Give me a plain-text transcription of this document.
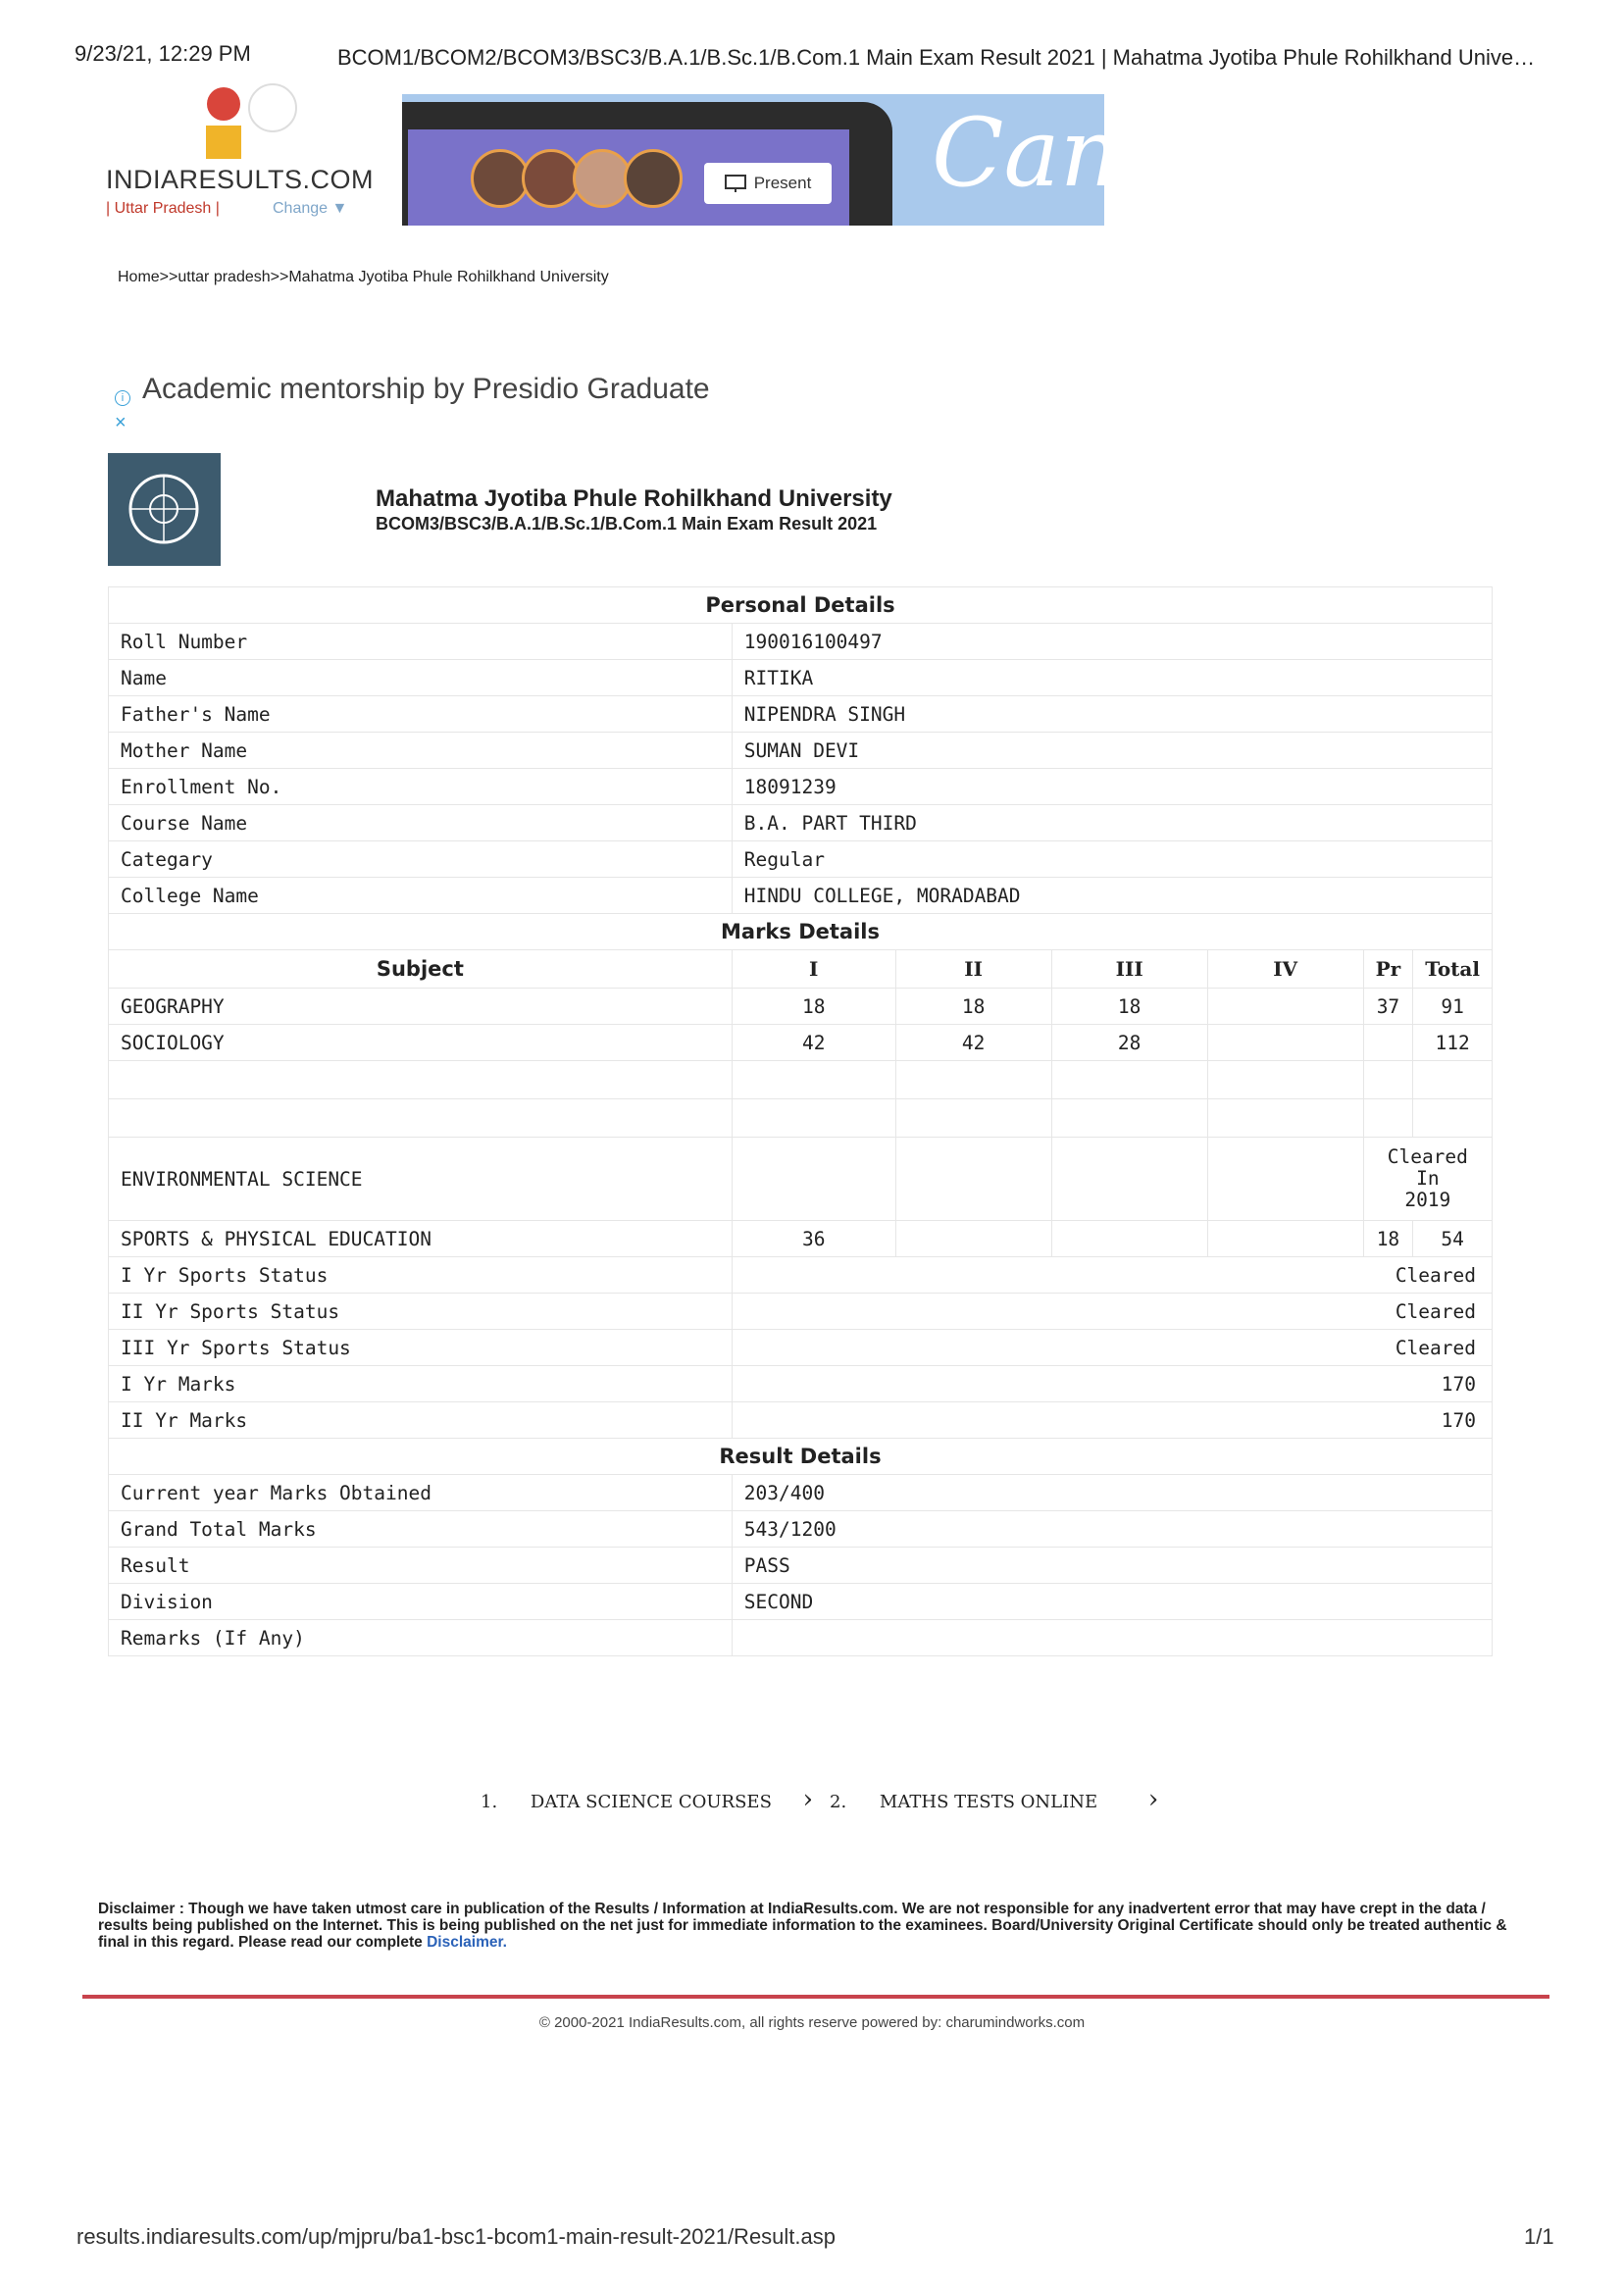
9/23/21, 12:29 PM	BCOM1/BCOM2/BCOM3/BSC3/B.A.1/B.Sc.1/B.Com.1 Main Exam Result 2021 | Mahatma Jyotiba Phule Rohilkhand Unive…
INDIARESULTS.COM
| Uttar Pradesh |	Change ▼
Present Canv
Home>>uttar pradesh>>Mahatma Jyotiba Phule Rohilkhand University
Academic mentorship by Presidio Graduate
i
×
Mahatma Jyotiba Phule Rohilkhand University
BCOM3/BSC3/B.A.1/B.Sc.1/B.Com.1 Main Exam Result 2021
Personal Details						
Roll Number	190016100497					
Name	RITIKA					
Father's Name	NIPENDRA SINGH					
Mother Name	SUMAN DEVI					
Enrollment No.	18091239					
Course Name	B.A. PART THIRD					
Categary	Regular					
College Name	HINDU COLLEGE, MORADABAD					
Marks Details						
Subject	I	II	III	IV	Pr	Total
GEOGRAPHY	18	18	18		37	91
SOCIOLOGY	42	42	28			112

ENVIRONMENTAL SCIENCE					Cleared
In
2019	

SPORTS & PHYSICAL EDUCATION	36				18	54
I Yr Sports Status	Cleared					
II Yr Sports Status	Cleared					
III Yr Sports Status	Cleared					
I Yr Marks	170					
II Yr Marks	170					
Result Details						
Current year Marks Obtained	203/400					
Grand Total Marks	543/1200					
Result	PASS					
Division	SECOND					
Remarks (If Any)						
1. DATA SCIENCE COURSES › 2. MATHS TESTS ONLINE ›
Disclaimer : Though we have taken utmost care in publication of the Results / Information at IndiaResults.com. We are not responsible for any inadvertent error that may have crept in the data / results being published on the Internet. This is being published on the net just for immediate information to the examinees. Board/University Original Certificate should only be treated authentic & final in this regard. Please read our complete Disclaimer.
© 2000-2021 IndiaResults.com, all rights reserve powered by: charumindworks.com
results.indiaresults.com/up/mjpru/ba1-bsc1-bcom1-main-result-2021/Result.asp	1/1
